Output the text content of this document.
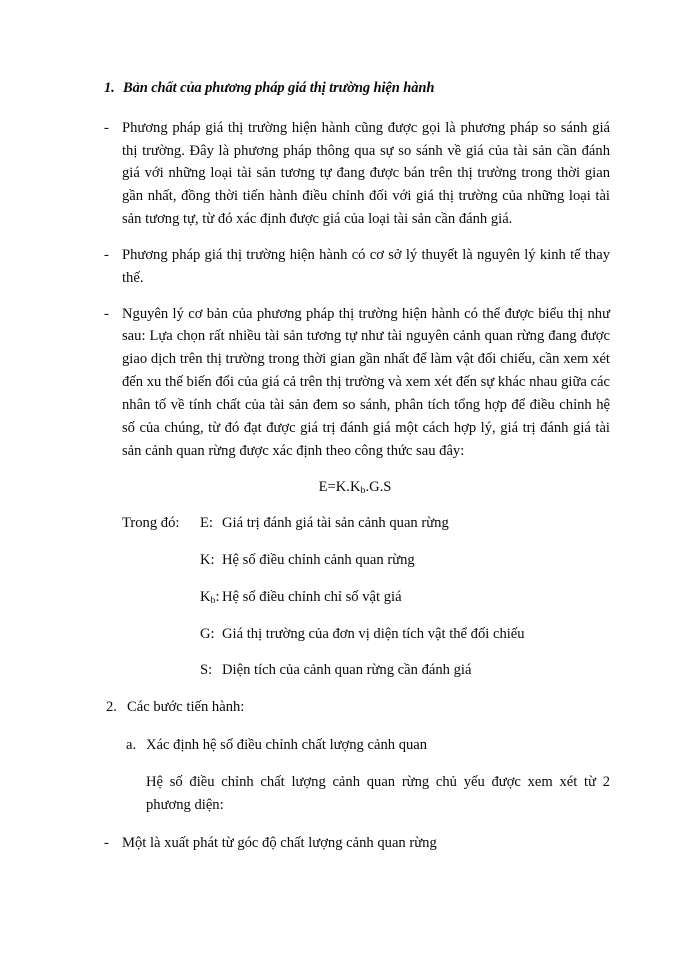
1. Bản chất của phương pháp giá thị trường hiện hành
- Phương pháp giá thị trường hiện hành cũng được gọi là phương pháp so sánh giá thị trường. Đây là phương pháp thông qua sự so sánh về giá của tài sản cần đánh giá với những loại tài sản tương tự đang được bán trên thị trường trong thời gian gần nhất, đồng thời tiến hành điều chỉnh đối với giá thị trường của những loại tài sản tương tự, từ đó xác định được giá của loại tài sản cần đánh giá.
- Phương pháp giá thị trường hiện hành có cơ sở lý thuyết là nguyên lý kinh tế thay thế.
- Nguyên lý cơ bản của phương pháp thị trường hiện hành có thể được biểu thị như sau: Lựa chọn rất nhiều tài sản tương tự như tài nguyên cảnh quan rừng đang được giao dịch trên thị trường trong thời gian gần nhất để làm vật đối chiếu, cần xem xét đến xu thế biến đổi của giá cả trên thị trường và xem xét đến sự khác nhau giữa các nhân tố về tính chất của tài sản đem so sánh, phân tích tổng hợp để điều chỉnh hệ số của chúng, từ đó đạt được giá trị đánh giá một cách hợp lý, giá trị đánh giá tài sản cảnh quan rừng được xác định theo công thức sau đây:
$E=K.K_b.G.S$
Trong đó:	E: Giá trị đánh giá tài sản cảnh quan rừng
K: Hệ số điều chỉnh cảnh quan rừng
$K_b$: Hệ số điều chỉnh chỉ số vật giá
G: Giá thị trường của đơn vị diện tích vật thể đối chiếu
S: Diện tích của cảnh quan rừng cần đánh giá
2. Các bước tiến hành:
a. Xác định hệ số điều chỉnh chất lượng cảnh quan
Hệ số điều chỉnh chất lượng cảnh quan rừng chủ yếu được xem xét từ 2 phương diện:
- Một là xuất phát từ góc độ chất lượng cảnh quan rừng
